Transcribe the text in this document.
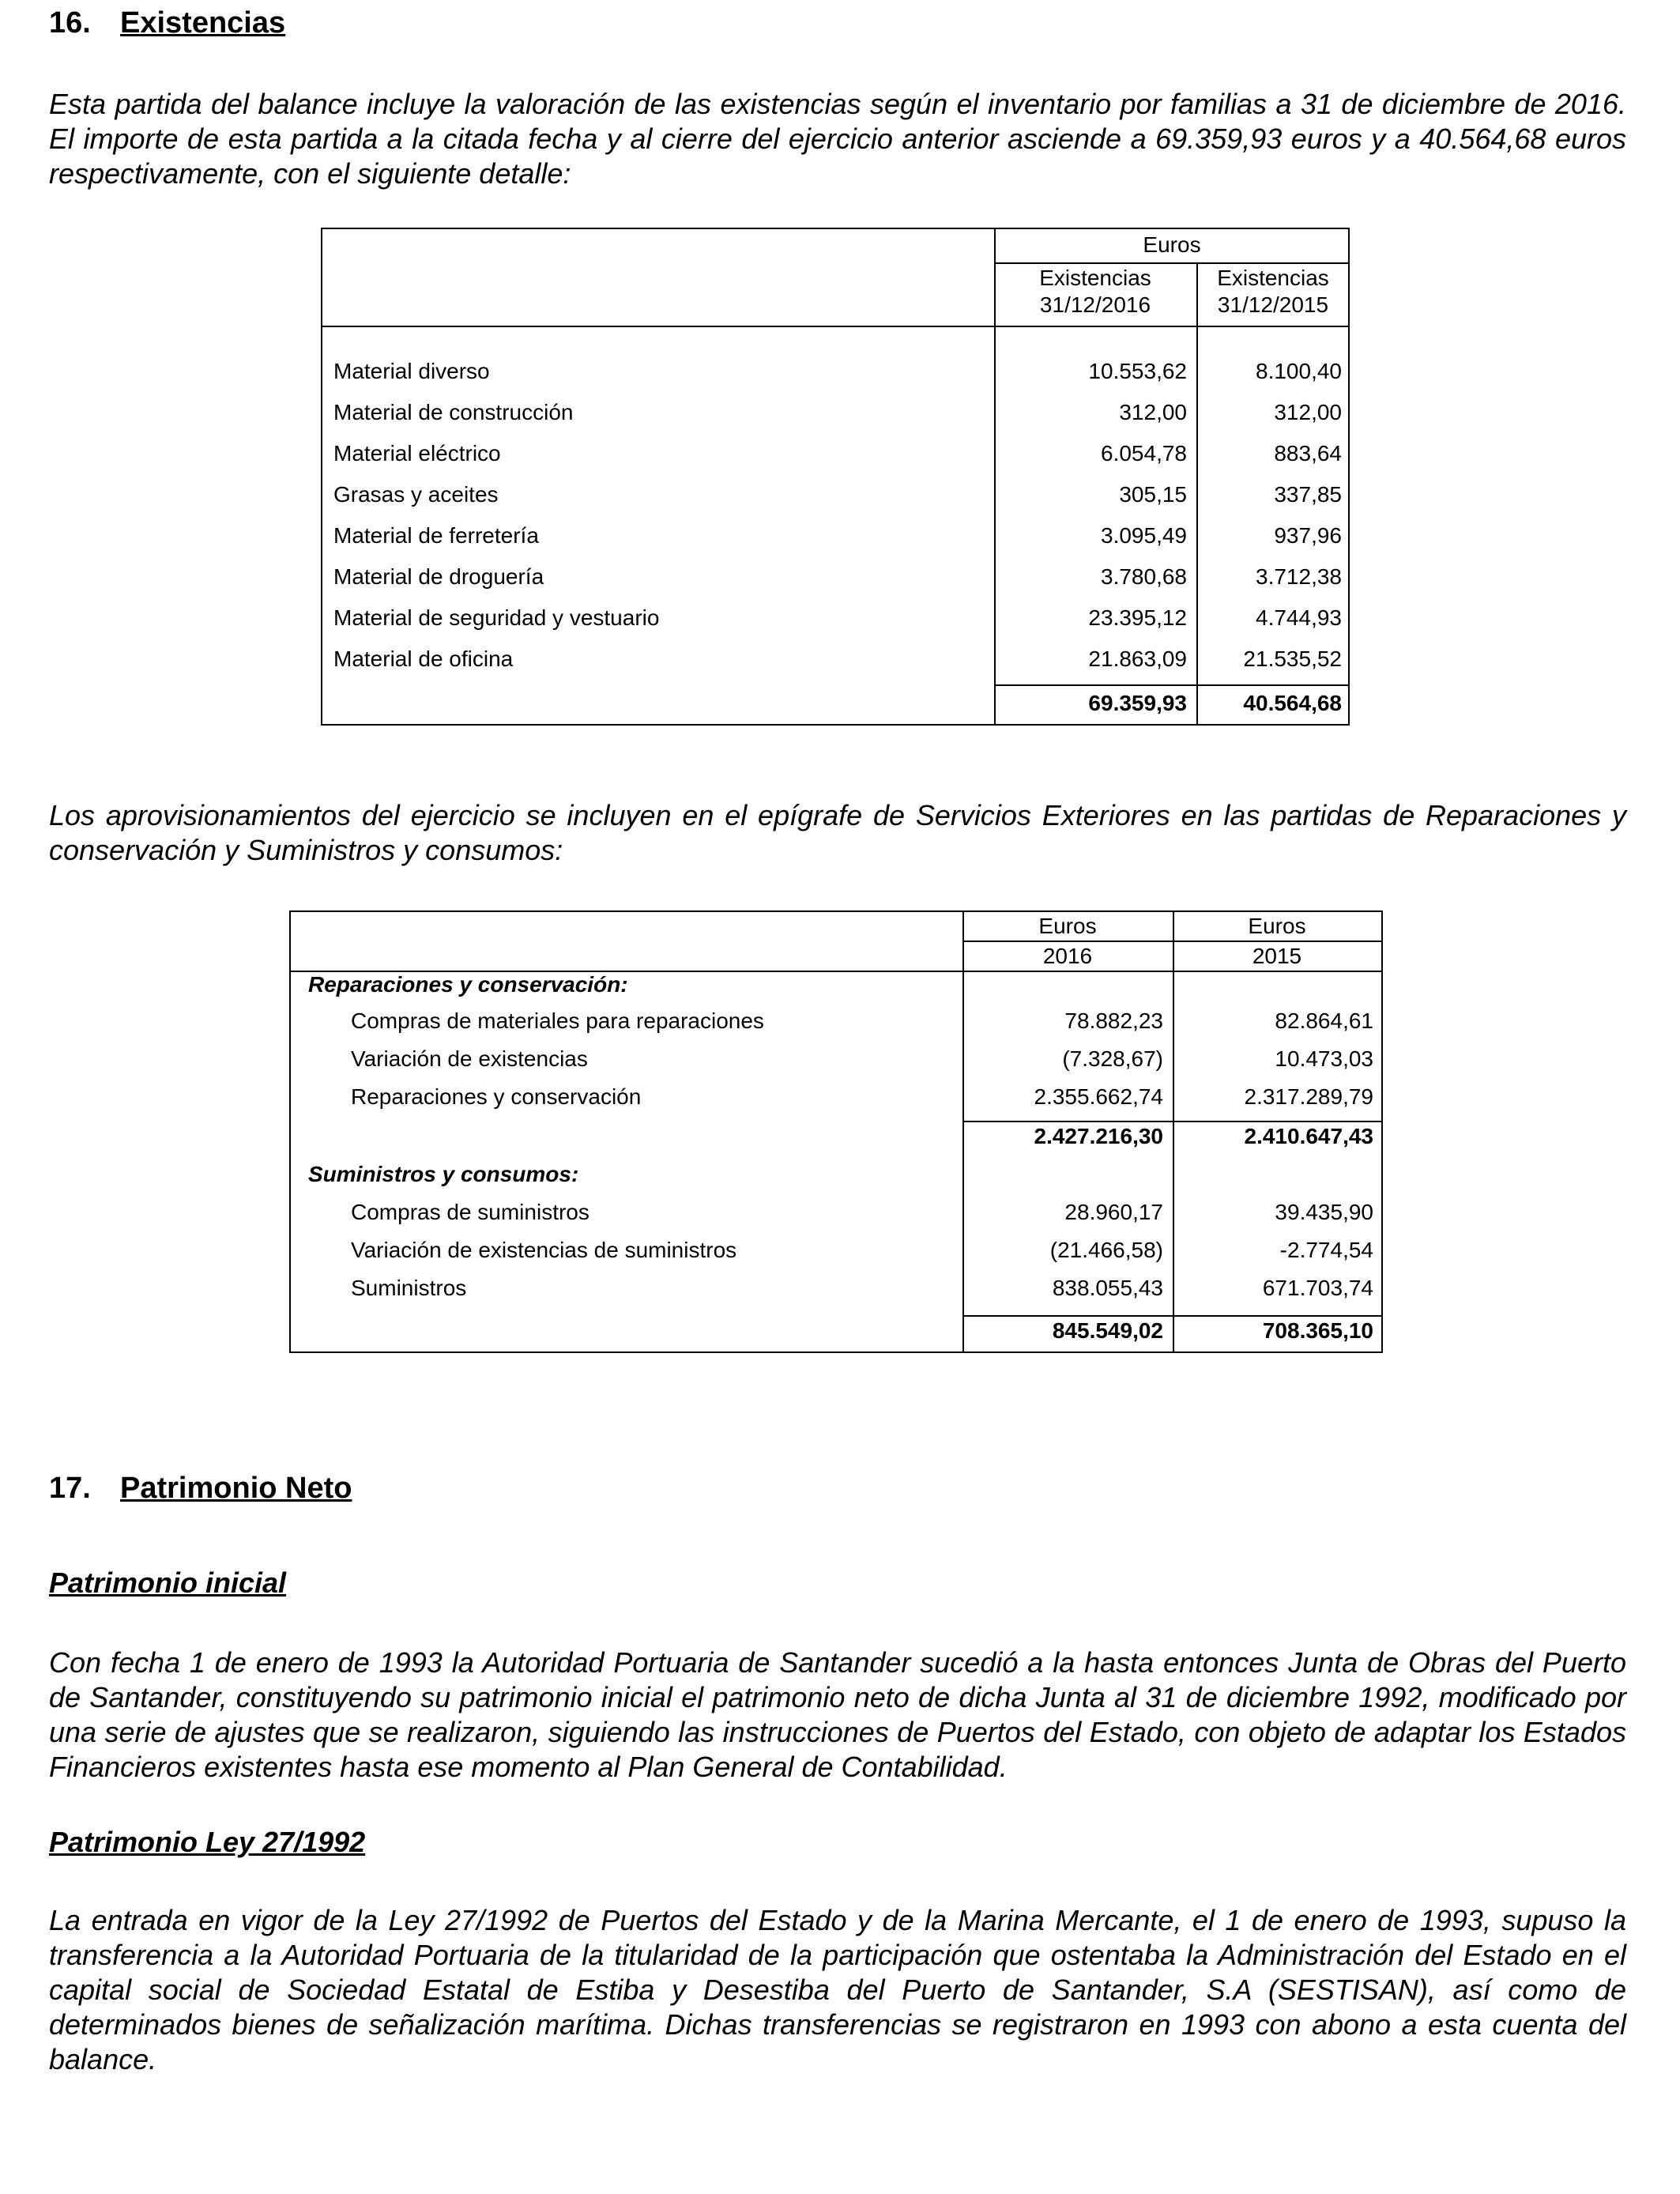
16. Existencias
Esta partida del balance incluye la valoración de las existencias según el inventario por familias a 31 de diciembre de 2016. El importe de esta partida a la citada fecha y al cierre del ejercicio anterior asciende a 69.359,93 euros y a 40.564,68 euros respectivamente, con el siguiente detalle:
Euros
Existencias
31/12/2016
Existencias
31/12/2015
Material diverso	10.553,62	8.100,40
Material de construcción	312,00	312,00
Material eléctrico	6.054,78	883,64
Grasas y aceites	305,15	337,85
Material de ferretería	3.095,49	937,96
Material de droguería	3.780,68	3.712,38
Material de seguridad y vestuario	23.395,12	4.744,93
Material de oficina	21.863,09	21.535,52
69.359,93	40.564,68
Los aprovisionamientos del ejercicio se incluyen en el epígrafe de Servicios Exteriores en las partidas de Reparaciones y conservación y Suministros y consumos:
Euros
2016
Euros
2015
Reparaciones y conservación:
Compras de materiales para reparaciones	78.882,23	82.864,61
Variación de existencias	(7.328,67)	10.473,03
Reparaciones y conservación	2.355.662,74	2.317.289,79
2.427.216,30	2.410.647,43
Suministros y consumos:
Compras de suministros	28.960,17	39.435,90
Variación de existencias de suministros	(21.466,58)	-2.774,54
Suministros	838.055,43	671.703,74
845.549,02	708.365,10
17. Patrimonio Neto
Patrimonio inicial
Con fecha 1 de enero de 1993 la Autoridad Portuaria de Santander sucedió a la hasta entonces Junta de Obras del Puerto de Santander, constituyendo su patrimonio inicial el patrimonio neto de dicha Junta al 31 de diciembre 1992, modificado por una serie de ajustes que se realizaron, siguiendo las instrucciones de Puertos del Estado, con objeto de adaptar los Estados Financieros existentes hasta ese momento al Plan General de Contabilidad.
Patrimonio Ley 27/1992
La entrada en vigor de la Ley 27/1992 de Puertos del Estado y de la Marina Mercante, el 1 de enero de 1993, supuso la transferencia a la Autoridad Portuaria de la titularidad de la participación que ostentaba la Administración del Estado en el capital social de Sociedad Estatal de Estiba y Desestiba del Puerto de Santander, S.A (SESTISAN), así como de determinados bienes de señalización marítima. Dichas transferencias se registraron en 1993 con abono a esta cuenta del balance.
